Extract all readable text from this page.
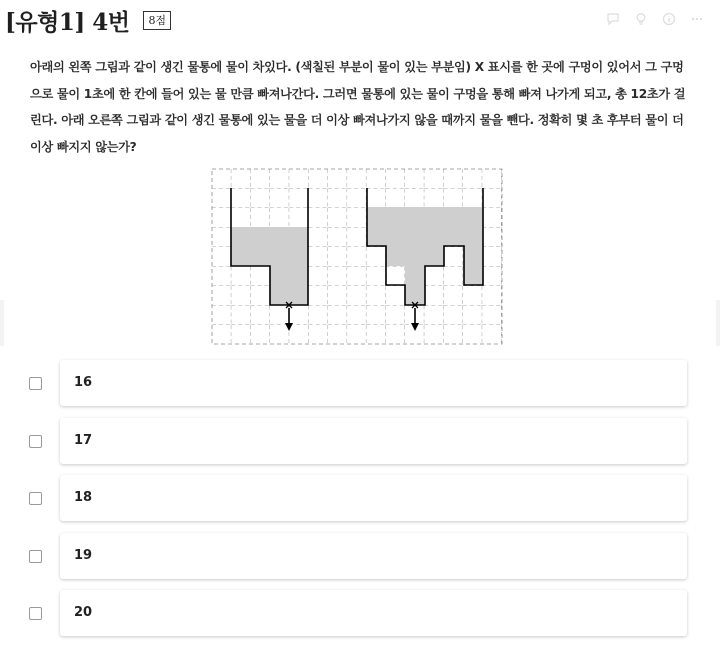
[유형1] 4번	8점
아래의 왼쪽 그림과 같이 생긴 물통에 물이 차있다. (색칠된 부분이 물이 있는 부분임) X 표시를 한 곳에 구멍이 있어서 그 구멍으로 물이 1초에 한 칸에 들어 있는 물 만큼 빠져나간다. 그러면 물통에 있는 물이 구멍을 통해 빠져 나가게 되고, 총 12초가 걸린다. 아래 오른쪽 그림과 같이 생긴 물통에 있는 물을 더 이상 빠져나가지 않을 때까지 물을 뺀다. 정확히 몇 초 후부터 물이 더 이상 빠지지 않는가?
16
17
18
19
20
